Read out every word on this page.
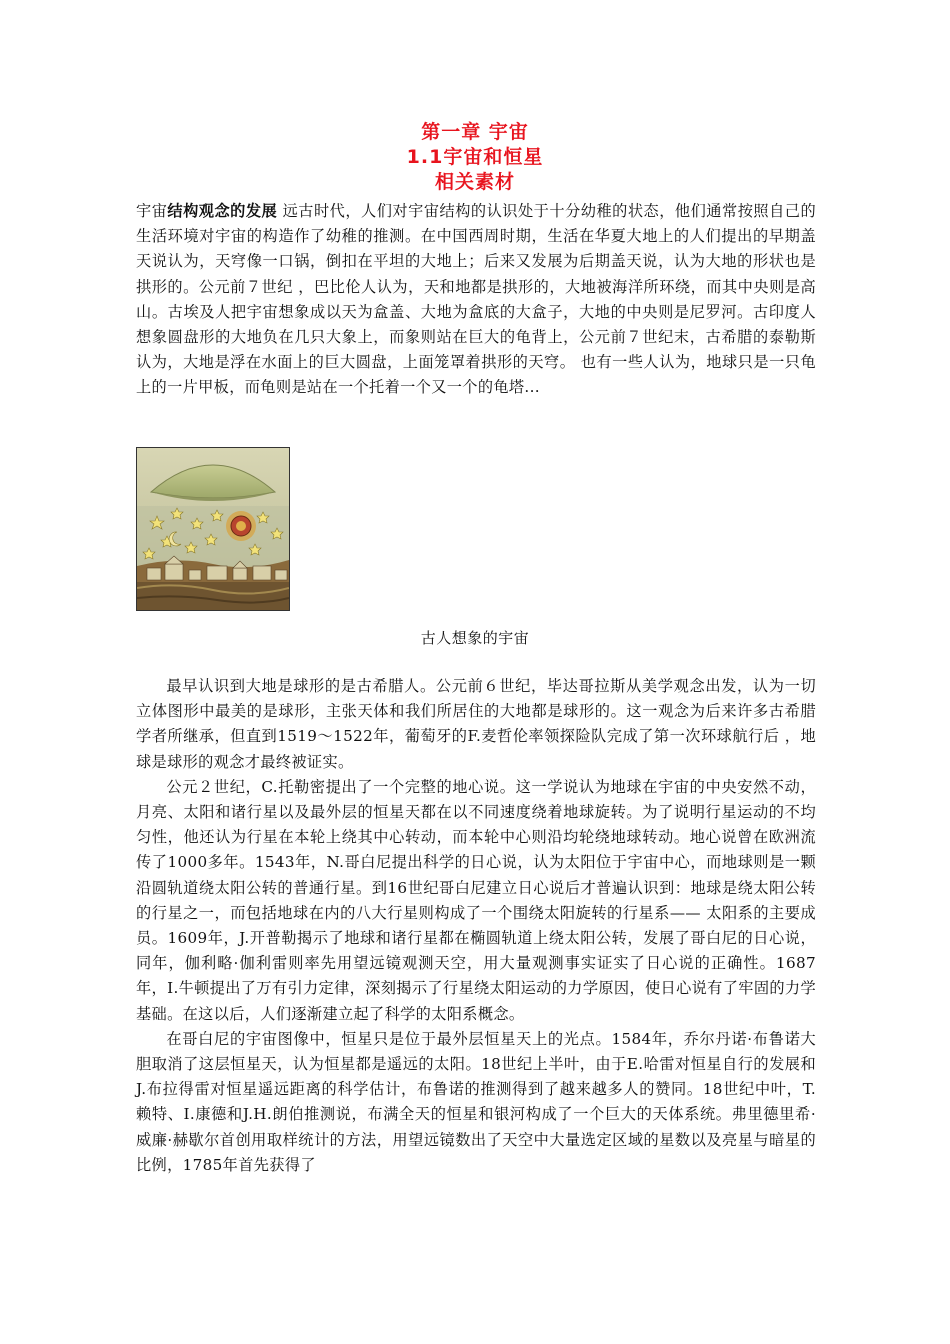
第一章 宇宙
1.1宇宙和恒星
相关素材
宇宙结构观念的发展 远古时代，人们对宇宙结构的认识处于十分幼稚的状态，他们通常按照自己的生活环境对宇宙的构造作了幼稚的推测。在中国西周时期，生活在华夏大地上的人们提出的早期盖天说认为，天穹像一口锅，倒扣在平坦的大地上；后来又发展为后期盖天说，认为大地的形状也是拱形的。公元前７世纪 ，巴比伦人认为，天和地都是拱形的，大地被海洋所环绕，而其中央则是高山。古埃及人把宇宙想象成以天为盒盖、大地为盒底的大盒子，大地的中央则是尼罗河。古印度人想象圆盘形的大地负在几只大象上，而象则站在巨大的龟背上，公元前７世纪末，古希腊的泰勒斯认为，大地是浮在水面上的巨大圆盘，上面笼罩着拱形的天穹。 也有一些人认为，地球只是一只龟上的一片甲板，而龟则是站在一个托着一个又一个的龟塔...
古人想象的宇宙

最早认识到大地是球形的是古希腊人。公元前６世纪，毕达哥拉斯从美学观念出发，认为一切立体图形中最美的是球形，主张天体和我们所居住的大地都是球形的。这一观念为后来许多古希腊学者所继承，但直到1519～1522年，葡萄牙的F.麦哲伦率领探险队完成了第一次环球航行后 ，地球是球形的观念才最终被证实。

公元２世纪，C.托勒密提出了一个完整的地心说。这一学说认为地球在宇宙的中央安然不动，月亮、太阳和诸行星以及最外层的恒星天都在以不同速度绕着地球旋转。为了说明行星运动的不均匀性，他还认为行星在本轮上绕其中心转动，而本轮中心则沿均轮绕地球转动。地心说曾在欧洲流传了1000多年。1543年，N.哥白尼提出科学的日心说，认为太阳位于宇宙中心，而地球则是一颗沿圆轨道绕太阳公转的普通行星。到16世纪哥白尼建立日心说后才普遍认识到：地球是绕太阳公转的行星之一，而包括地球在内的八大行星则构成了一个围绕太阳旋转的行星系—— 太阳系的主要成员。1609年，J.开普勒揭示了地球和诸行星都在椭圆轨道上绕太阳公转，发展了哥白尼的日心说，同年，伽利略·伽利雷则率先用望远镜观测天空，用大量观测事实证实了日心说的正确性。1687年，I.牛顿提出了万有引力定律，深刻揭示了行星绕太阳运动的力学原因，使日心说有了牢固的力学基础。在这以后，人们逐渐建立起了科学的太阳系概念。

在哥白尼的宇宙图像中，恒星只是位于最外层恒星天上的光点。1584年，乔尔丹诺·布鲁诺大胆取消了这层恒星天，认为恒星都是遥远的太阳。18世纪上半叶，由于E.哈雷对恒星自行的发展和J.布拉得雷对恒星遥远距离的科学估计，布鲁诺的推测得到了越来越多人的赞同。18世纪中叶，T.赖特、I.康德和J.H.朗伯推测说，布满全天的恒星和银河构成了一个巨大的天体系统。弗里德里希·威廉·赫歇尔首创用取样统计的方法，用望远镜数出了天空中大量选定区域的星数以及亮星与暗星的比例，1785年首先获得了
